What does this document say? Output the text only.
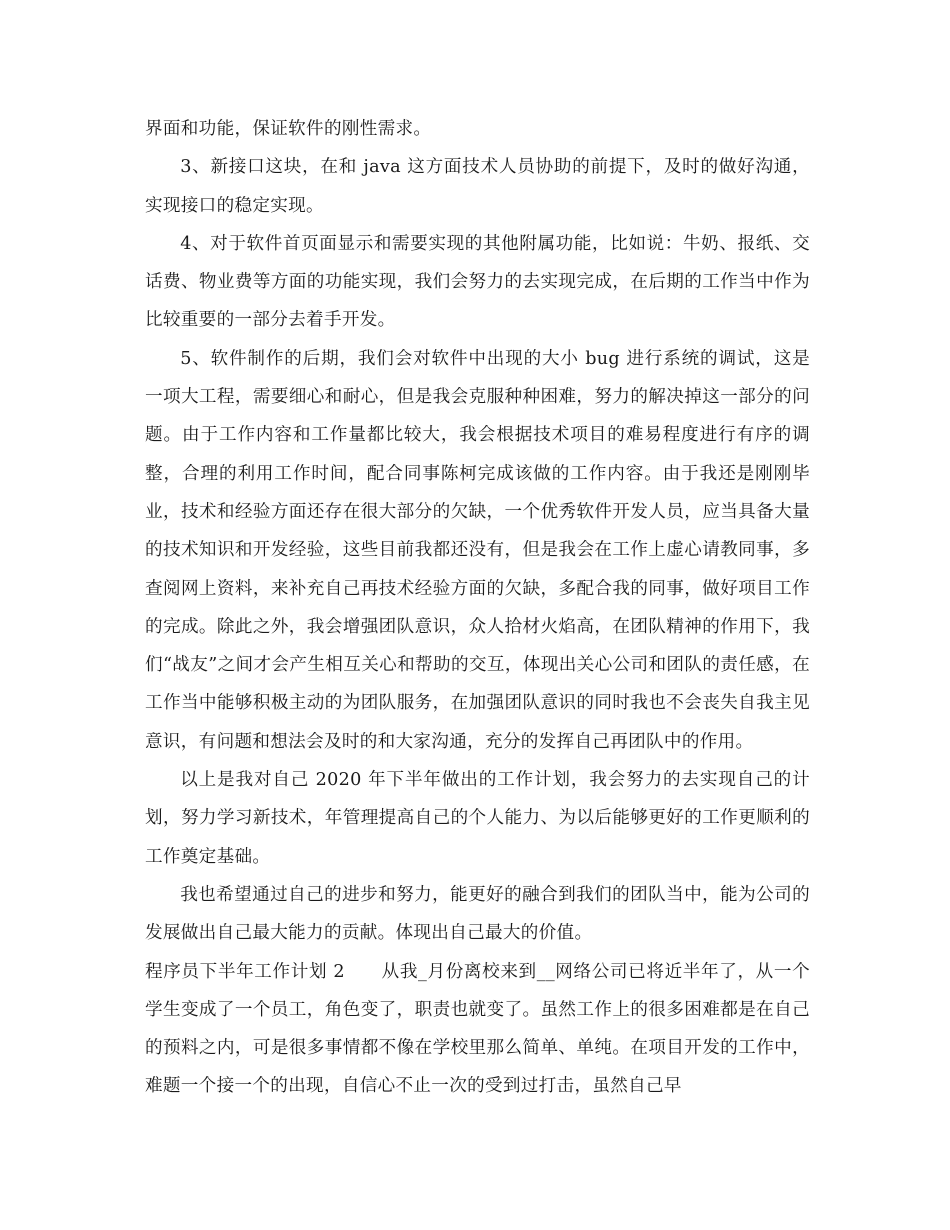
界面和功能，保证软件的刚性需求。

3、新接口这块，在和 java 这方面技术人员协助的前提下，及时的做好沟通，实现接口的稳定实现。

4、对于软件首页面显示和需要实现的其他附属功能，比如说：牛奶、报纸、交话费、物业费等方面的功能实现，我们会努力的去实现完成，在后期的工作当中作为比较重要的一部分去着手开发。

5、软件制作的后期，我们会对软件中出现的大小 bug 进行系统的调试，这是一项大工程，需要细心和耐心，但是我会克服种种困难，努力的解决掉这一部分的问题。由于工作内容和工作量都比较大，我会根据技术项目的难易程度进行有序的调整，合理的利用工作时间，配合同事陈柯完成该做的工作内容。由于我还是刚刚毕业，技术和经验方面还存在很大部分的欠缺，一个优秀软件开发人员，应当具备大量的技术知识和开发经验，这些目前我都还没有，但是我会在工作上虚心请教同事，多查阅网上资料，来补充自己再技术经验方面的欠缺，多配合我的同事，做好项目工作的完成。除此之外，我会增强团队意识，众人拾材火焰高，在团队精神的作用下，我们“战友”之间才会产生相互关心和帮助的交互，体现出关心公司和团队的责任感，在工作当中能够积极主动的为团队服务，在加强团队意识的同时我也不会丧失自我主见意识，有问题和想法会及时的和大家沟通，充分的发挥自己再团队中的作用。

以上是我对自己 2020 年下半年做出的工作计划，我会努力的去实现自己的计划，努力学习新技术，年管理提高自己的个人能力、为以后能够更好的工作更顺利的工作奠定基础。

我也希望通过自己的进步和努力，能更好的融合到我们的团队当中，能为公司的发展做出自己最大能力的贡献。体现出自己最大的价值。

程序员下半年工作计划 2　　从我_月份离校来到__网络公司已将近半年了，从一个学生变成了一个员工，角色变了，职责也就变了。虽然工作上的很多困难都是在自己的预料之内，可是很多事情都不像在学校里那么简单、单纯。在项目开发的工作中，难题一个接一个的出现，自信心不止一次的受到过打击，虽然自己早
